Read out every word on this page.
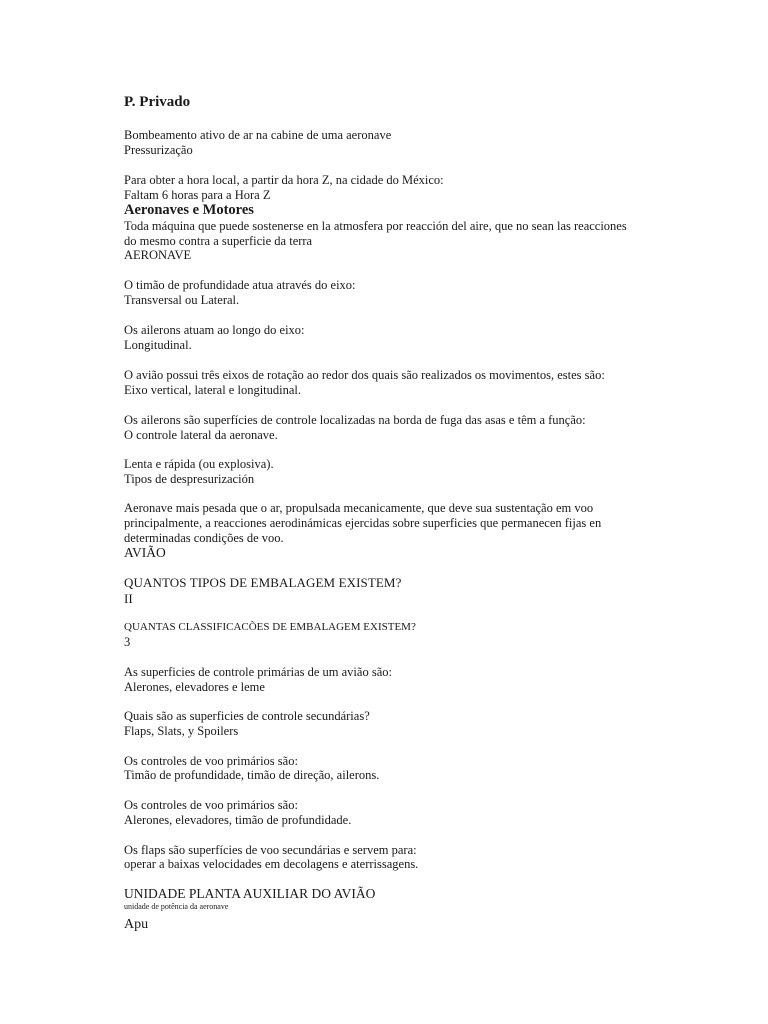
P. Privado
Bombeamento ativo de ar na cabine de uma aeronave
Pressurização
Para obter a hora local, a partir da hora Z, na cidade do México:
Faltam 6 horas para a Hora Z
Aeronaves e Motores
Toda máquina que puede sostenerse en la atmosfera por reacción del aire, que no sean las reacciones
do mesmo contra a superficie da terra
AERONAVE
O timão de profundidade atua através do eixo:
Transversal ou Lateral.
Os ailerons atuam ao longo do eixo:
Longitudinal.
O avião possui três eixos de rotação ao redor dos quais são realizados os movimentos, estes são:
Eixo vertical, lateral e longitudinal.
Os ailerons são superfícies de controle localizadas na borda de fuga das asas e têm a função:
O controle lateral da aeronave.
Lenta e rápida (ou explosiva).
Tipos de despresurización
Aeronave mais pesada que o ar, propulsada mecanicamente, que deve sua sustentação em voo
principalmente, a reacciones aerodinámicas ejercidas sobre superficies que permanecen fijas en
determinadas condições de voo.
AVIÃO
QUANTOS TIPOS DE EMBALAGEM EXISTEM?
II
QUANTAS CLASSIFICACÕES DE EMBALAGEM EXISTEM?
3
As superficies de controle primárias de um avião são:
Alerones, elevadores e leme
Quais são as superficies de controle secundárias?
Flaps, Slats, y Spoilers
Os controles de voo primários são:
Timão de profundidade, timão de direção, ailerons.
Os controles de voo primários são:
Alerones, elevadores, timão de profundidade.
Os flaps são superfícies de voo secundárias e servem para:
operar a baixas velocidades em decolagens e aterrissagens.
UNIDADE PLANTA AUXILIAR DO AVIÃO
unidade de potência da aeronave
Apu
